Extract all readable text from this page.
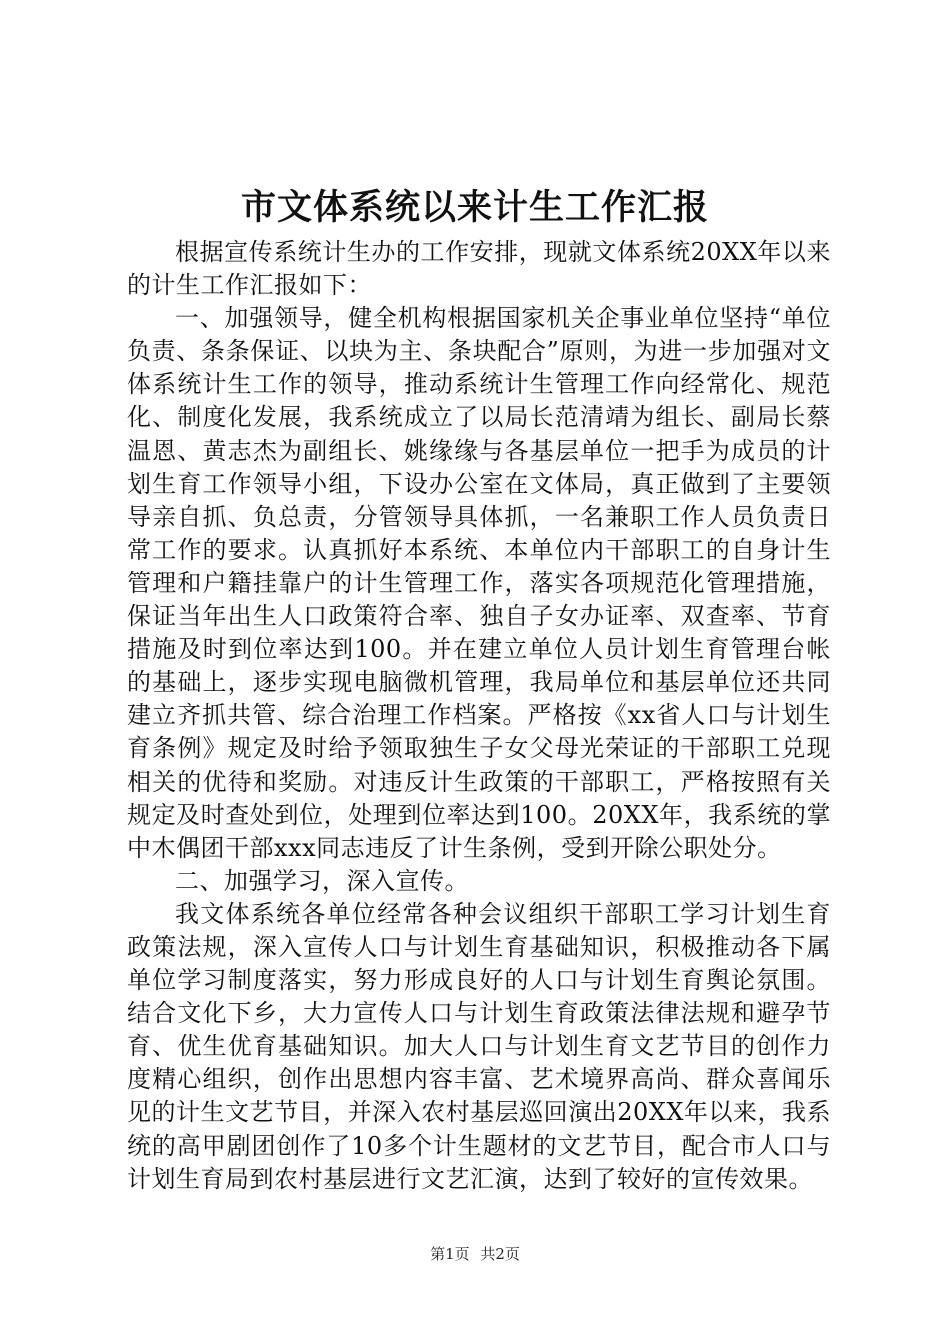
市文体系统以来计生工作汇报

根据宣传系统计生办的工作安排，现就文体系统20XX年以来的计生工作汇报如下：

一、加强领导，健全机构根据国家机关企事业单位坚持“单位负责、条条保证、以块为主、条块配合”原则，为进一步加强对文体系统计生工作的领导，推动系统计生管理工作向经常化、规范化、制度化发展，我系统成立了以局长范清靖为组长、副局长蔡温恩、黄志杰为副组长、姚缘缘与各基层单位一把手为成员的计划生育工作领导小组，下设办公室在文体局，真正做到了主要领导亲自抓、负总责，分管领导具体抓，一名兼职工作人员负责日常工作的要求。认真抓好本系统、本单位内干部职工的自身计生管理和户籍挂靠户的计生管理工作，落实各项规范化管理措施，保证当年出生人口政策符合率、独自子女办证率、双查率、节育措施及时到位率达到100。并在建立单位人员计划生育管理台帐的基础上，逐步实现电脑微机管理，我局单位和基层单位还共同建立齐抓共管、综合治理工作档案。严格按《xx省人口与计划生育条例》规定及时给予领取独生子女父母光荣证的干部职工兑现相关的优待和奖励。对违反计生政策的干部职工，严格按照有关规定及时查处到位，处理到位率达到100。20XX年，我系统的掌中木偶团干部xxx同志违反了计生条例，受到开除公职处分。

二、加强学习，深入宣传。

我文体系统各单位经常各种会议组织干部职工学习计划生育政策法规，深入宣传人口与计划生育基础知识，积极推动各下属单位学习制度落实，努力形成良好的人口与计划生育舆论氛围。结合文化下乡，大力宣传人口与计划生育政策法律法规和避孕节育、优生优育基础知识。加大人口与计划生育文艺节目的创作力度精心组织，创作出思想内容丰富、艺术境界高尚、群众喜闻乐见的计生文艺节目，并深入农村基层巡回演出20XX年以来，我系统的高甲剧团创作了10多个计生题材的文艺节目，配合市人口与计划生育局到农村基层进行文艺汇演，达到了较好的宣传效果。

第1页 共2页
